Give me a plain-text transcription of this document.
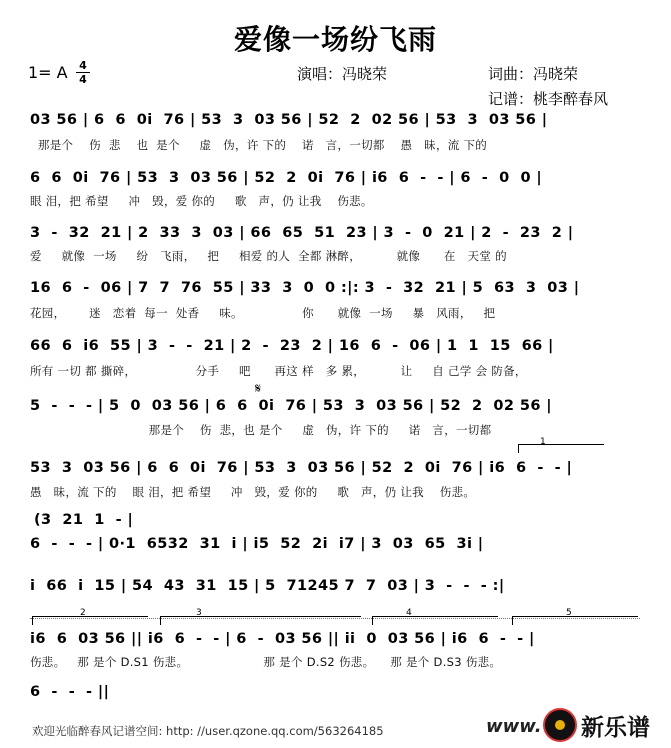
爱像一场纷飞雨
1= A 4
4	演唱：冯晓荣	词曲：冯晓荣
记谱：桃李醉春风
03 56 | 6  6  0i  76 | 53  3  03 56 | 52  2  02 56 | 53  3  03 56 |
那是个    伤  悲    也  是个     虚   伪，许 下的    诺   言，一切都    愚   昧，流 下的
6  6  0i  76 | 53  3  03 56 | 52  2  0i  76 | i6  6  -  - | 6  -  0  0 |
眼 泪，把 希望     冲   毁，爱 你的     歌   声，仍 让我    伤悲。
3  -  32  21 | 2  33  3  03 | 66  65  51  23 | 3  -  0  21 | 2  -  23  2 |
爱     就像  一场     纷   飞雨，   把     相爱 的人  全都 淋醉，         就像      在   天堂 的
16  6  -  06 | 7  7  76  55 | 33  3  0  0 :|: 3  -  32  21 | 5  63  3  03 |
花园，      迷   恋着  每一  处香     味。               你      就像  一场     暴   风雨，   把
66  6  i6  55 | 3  -  -  21 | 2  -  23  2 | 16  6  -  06 | 1  1  15  66 |
所有 一切 都 撕碎，               分手     吧      再这 样   多 累，         让     自 己学 会 防备，
𝄋
5  -  -  - | 5  0  03 56 | 6  6  0i  76 | 53  3  03 56 | 52  2  02 56 |
那是个    伤  悲，也 是个     虚   伪，许 下的     诺   言，一切都
1
53  3  03 56 | 6  6  0i  76 | 53  3  03 56 | 52  2  0i  76 | i6  6  -  - |
愚   昧，流 下的    眼 泪，把 希望     冲   毁，爱 你的     歌   声，仍 让我    伤悲。
(3  21  1  - |
6  -  -  - | 0·1  6532  31  i | i5  52  2i  i7 | 3  03  65  3i |
i  66  i  15 | 54  43  31  15 | 5  71245 7  7  03 | 3  -  -  - :|
2	3	4	5
i6  6  03 56 || i6  6  -  - | 6  -  03 56 || ii  0  03 56 | i6  6  -  - |
伤悲。   那 是个 D.S1 伤悲。                   那 是个 D.S2 伤悲。    那 是个 D.S3 伤悲。
6  -  -  - ||
欢迎光临醉春风记谱空间: http: //user.qzone.qq.com/563264185	www. 新乐谱
